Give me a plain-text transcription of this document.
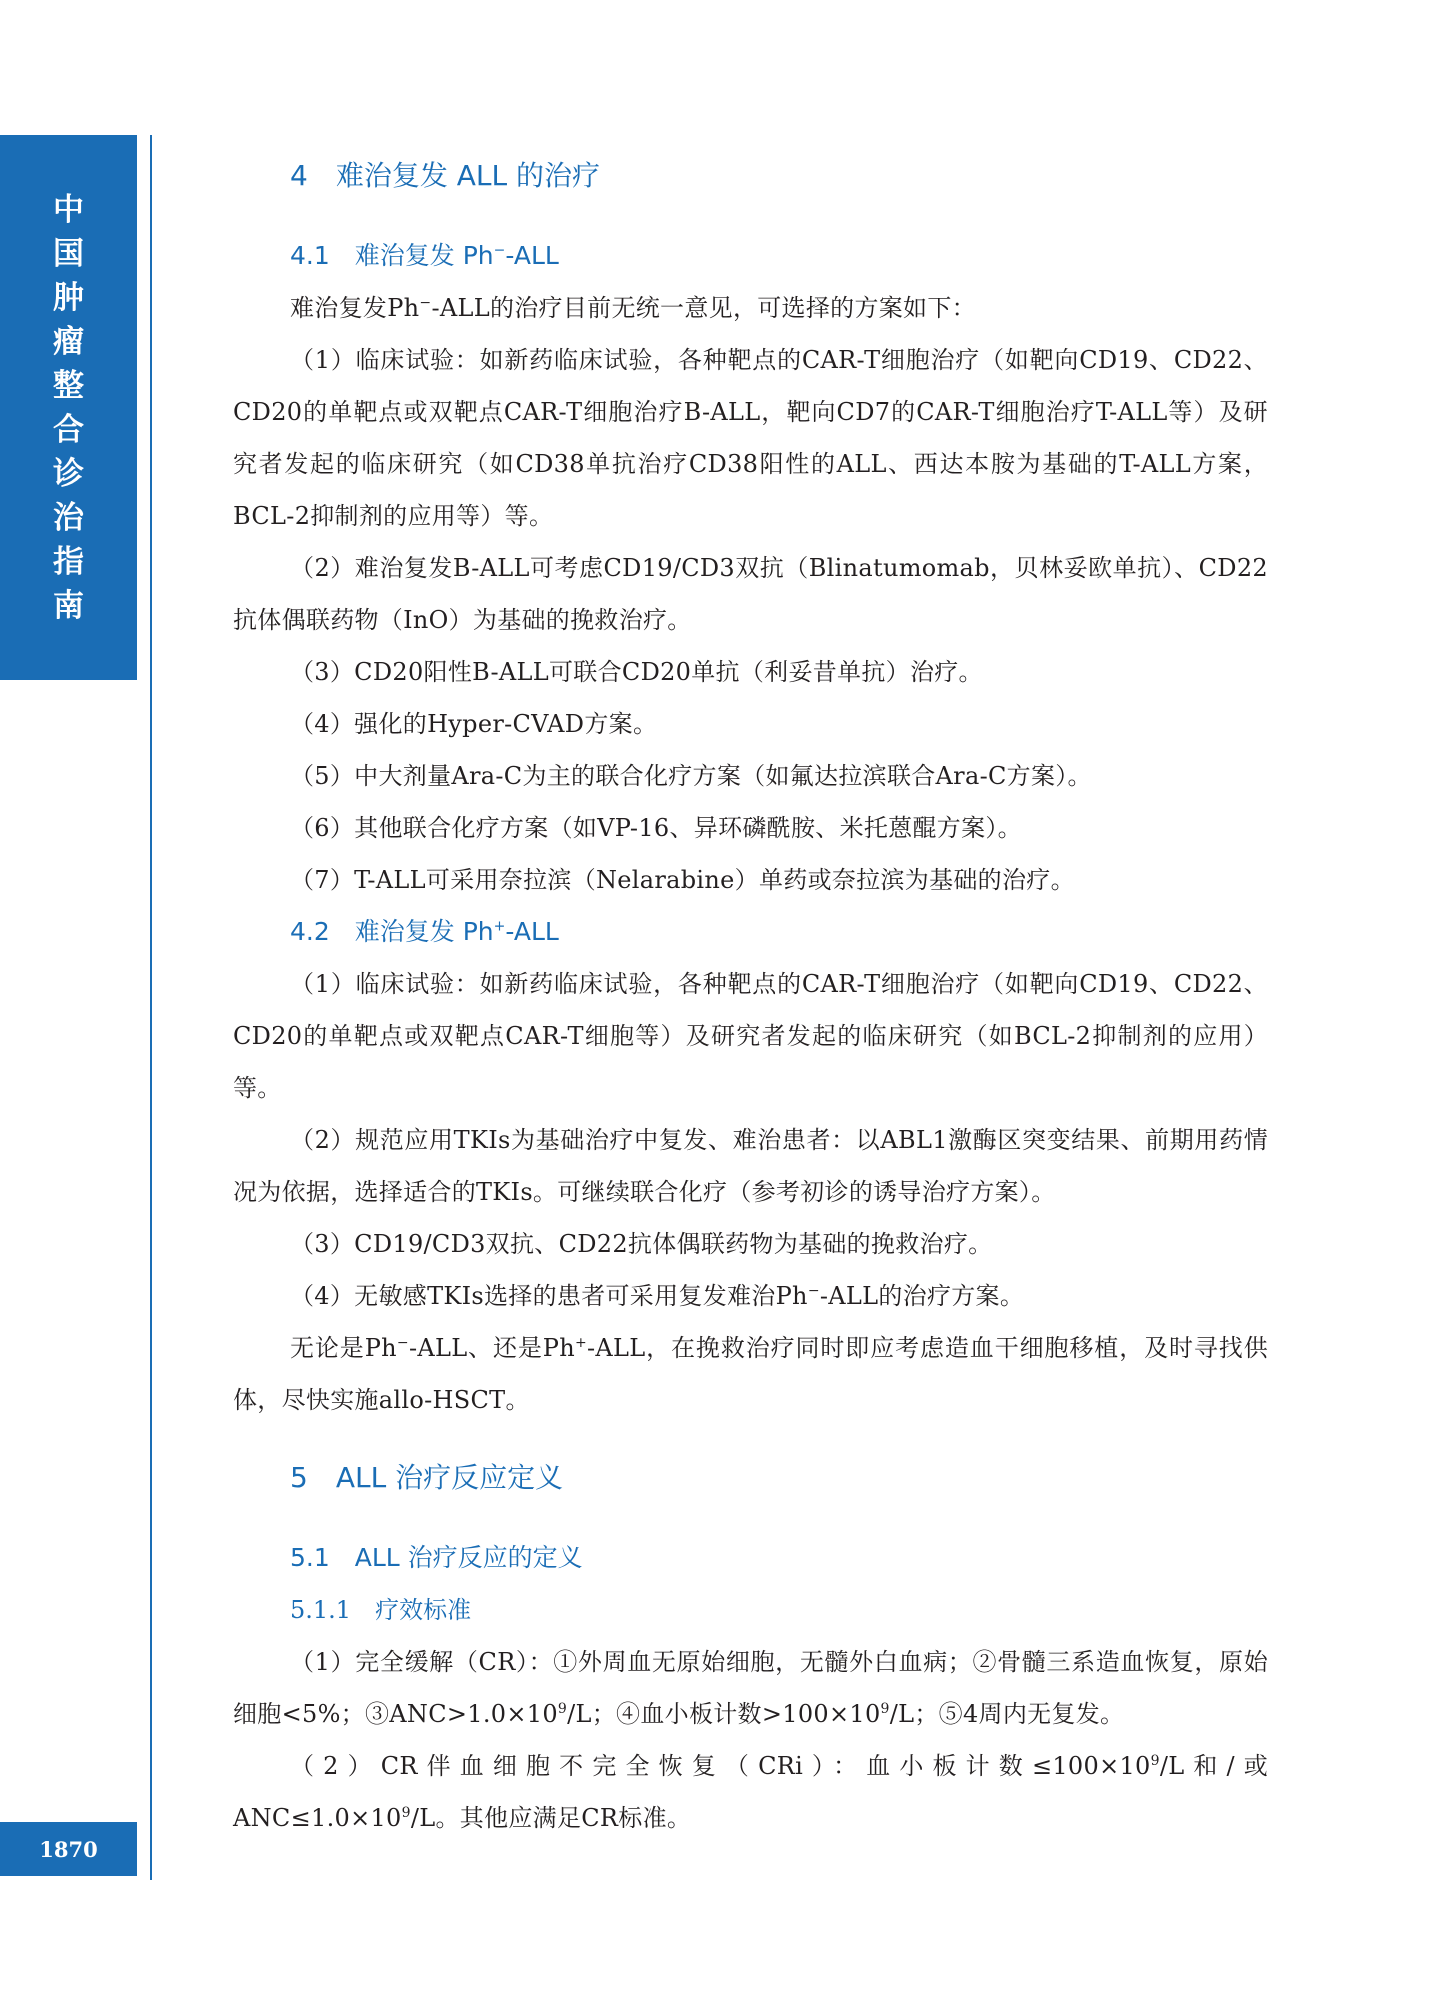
中
国
肿
瘤
整
合
诊
治
指
南
1870
4　难治复发 ALL 的治疗
4.1　难治复发 Ph−-ALL

难治复发Ph−-ALL的治疗目前无统一意见，可选择的方案如下：

（1）临床试验：如新药临床试验，各种靶点的CAR-T细胞治疗（如靶向CD19、CD22、CD20的单靶点或双靶点CAR-T细胞治疗B-ALL，靶向CD7的CAR-T细胞治疗T-ALL等）及研究者发起的临床研究（如CD38单抗治疗CD38阳性的ALL、西达本胺为基础的T-ALL方案，BCL-2抑制剂的应用等）等。

（2）难治复发B-ALL可考虑CD19/CD3双抗（Blinatumomab，贝林妥欧单抗）、CD22抗体偶联药物（InO）为基础的挽救治疗。

（3）CD20阳性B-ALL可联合CD20单抗（利妥昔单抗）治疗。

（4）强化的Hyper-CVAD方案。

（5）中大剂量Ara-C为主的联合化疗方案（如氟达拉滨联合Ara-C方案）。

（6）其他联合化疗方案（如VP-16、异环磷酰胺、米托蒽醌方案）。

（7）T-ALL可采用奈拉滨（Nelarabine）单药或奈拉滨为基础的治疗。

4.2　难治复发 Ph+-ALL

（1）临床试验：如新药临床试验，各种靶点的CAR-T细胞治疗（如靶向CD19、CD22、CD20的单靶点或双靶点CAR-T细胞等）及研究者发起的临床研究（如BCL-2抑制剂的应用）等。

（2）规范应用TKIs为基础治疗中复发、难治患者：以ABL1激酶区突变结果、前期用药情况为依据，选择适合的TKIs。可继续联合化疗（参考初诊的诱导治疗方案）。

（3）CD19/CD3双抗、CD22抗体偶联药物为基础的挽救治疗。

（4）无敏感TKIs选择的患者可采用复发难治Ph−-ALL的治疗方案。

无论是Ph−-ALL、还是Ph+-ALL，在挽救治疗同时即应考虑造血干细胞移植，及时寻找供体，尽快实施allo-HSCT。

5　ALL 治疗反应定义
5.1　ALL 治疗反应的定义
5.1.1　疗效标准

（1）完全缓解（CR）：①外周血无原始细胞，无髓外白血病；②骨髓三系造血恢复，原始细胞<5%；$③ANC>1.0\times 10^9/L$；④血小板计数$>100\times 10^9/L$；⑤4周内无复发。

（2）CR伴血细胞不完全恢复（CRi）：血小板计数$\le 100\times 10^9/L$和/或$ANC\le 1.0\times 10^9/L$。其他应满足CR标准。
